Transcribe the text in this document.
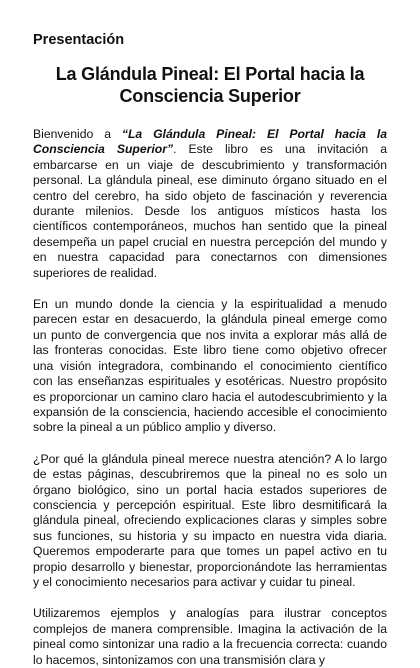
Presentación
La Glándula Pineal: El Portal hacia la Consciencia Superior

Bienvenido a “La Glándula Pineal: El Portal hacia la Consciencia Superior”. Este libro es una invitación a embarcarse en un viaje de descubrimiento y transformación personal. La glándula pineal, ese diminuto órgano situado en el centro del cerebro, ha sido objeto de fascinación y reverencia durante milenios. Desde los antiguos místicos hasta los científicos contemporáneos, muchos han sentido que la pineal desempeña un papel crucial en nuestra percepción del mundo y en nuestra capacidad para conectarnos con dimensiones superiores de realidad.

En un mundo donde la ciencia y la espiritualidad a menudo parecen estar en desacuerdo, la glándula pineal emerge como un punto de convergencia que nos invita a explorar más allá de las fronteras conocidas. Este libro tiene como objetivo ofrecer una visión integradora, combinando el conocimiento científico con las enseñanzas espirituales y esotéricas. Nuestro propósito es proporcionar un camino claro hacia el autodescubrimiento y la expansión de la consciencia, haciendo accesible el conocimiento sobre la pineal a un público amplio y diverso.

¿Por qué la glándula pineal merece nuestra atención? A lo largo de estas páginas, descubriremos que la pineal no es solo un órgano biológico, sino un portal hacia estados superiores de consciencia y percepción espiritual. Este libro desmitificará la glándula pineal, ofreciendo explicaciones claras y simples sobre sus funciones, su historia y su impacto en nuestra vida diaria. Queremos empoderarte para que tomes un papel activo en tu propio desarrollo y bienestar, proporcionándote las herramientas y el conocimiento necesarios para activar y cuidar tu pineal.

Utilizaremos ejemplos y analogías para ilustrar conceptos complejos de manera comprensible. Imagina la activación de la pineal como sintonizar una radio a la frecuencia correcta: cuando lo hacemos, sintonizamos con una transmisión clara y
